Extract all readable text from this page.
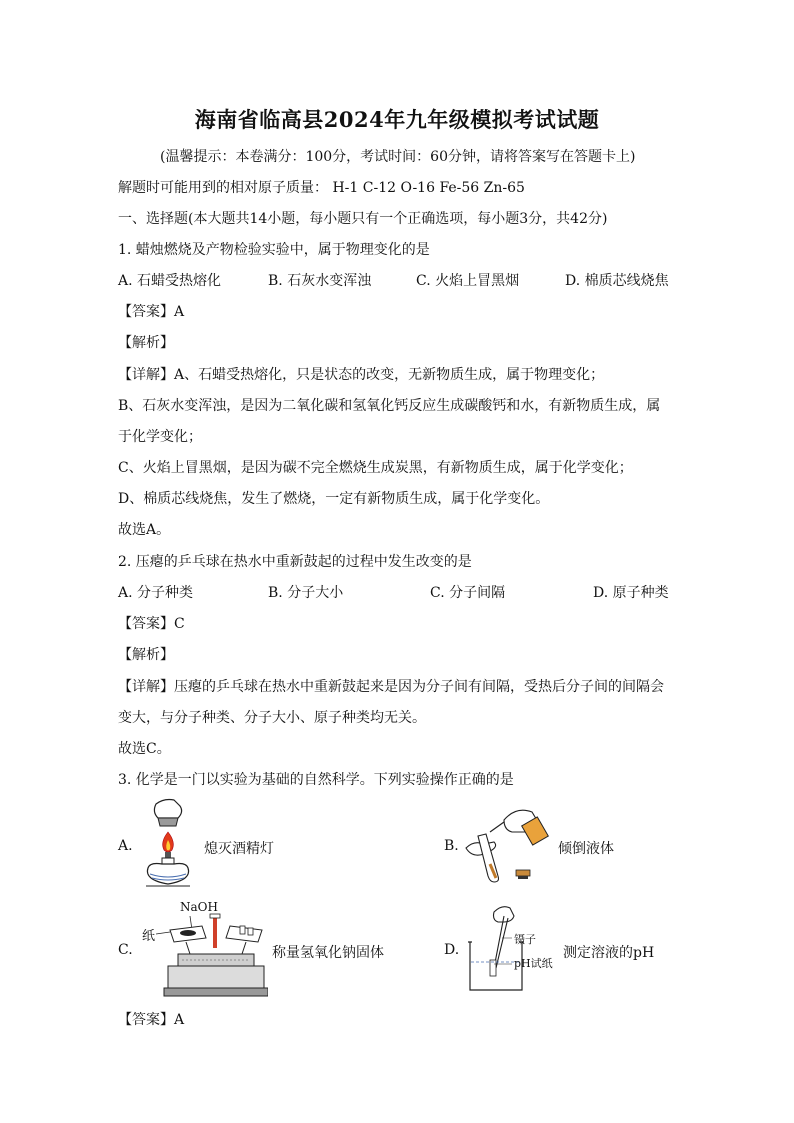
海南省临高县2024年九年级模拟考试试题
(温馨提示：本卷满分：100分，考试时间：60分钟，请将答案写在答题卡上)
解题时可能用到的相对原子质量： H-1 C-12 O-16 Fe-56 Zn-65
一、选择题(本大题共14小题，每小题只有一个正确选项，每小题3分，共42分)
1. 蜡烛燃烧及产物检验实验中，属于物理变化的是
A. 石蜡受热熔化	B. 石灰水变浑浊	C. 火焰上冒黑烟	D. 棉质芯线烧焦
【答案】A
【解析】
【详解】A、石蜡受热熔化，只是状态的改变，无新物质生成，属于物理变化；
B、石灰水变浑浊，是因为二氧化碳和氢氧化钙反应生成碳酸钙和水，有新物质生成，属
于化学变化；
C、火焰上冒黑烟，是因为碳不完全燃烧生成炭黑，有新物质生成，属于化学变化；
D、棉质芯线烧焦，发生了燃烧，一定有新物质生成，属于化学变化。
故选A。
2. 压瘪的乒乓球在热水中重新鼓起的过程中发生改变的是
A. 分子种类	B. 分子大小	C. 分子间隔	D. 原子种类
【答案】C
【解析】
【详解】压瘪的乒乓球在热水中重新鼓起来是因为分子间有间隔，受热后分子间的间隔会
变大，与分子种类、分子大小、原子种类均无关。
故选C。
3. 化学是一门以实验为基础的自然科学。下列实验操作正确的是
A.	熄灭酒精灯	B.	倾倒液体
C.
NaOH
纸
称量氢氧化钠固体	D.
镊子
pH试纸
测定溶液的pH
【答案】A
